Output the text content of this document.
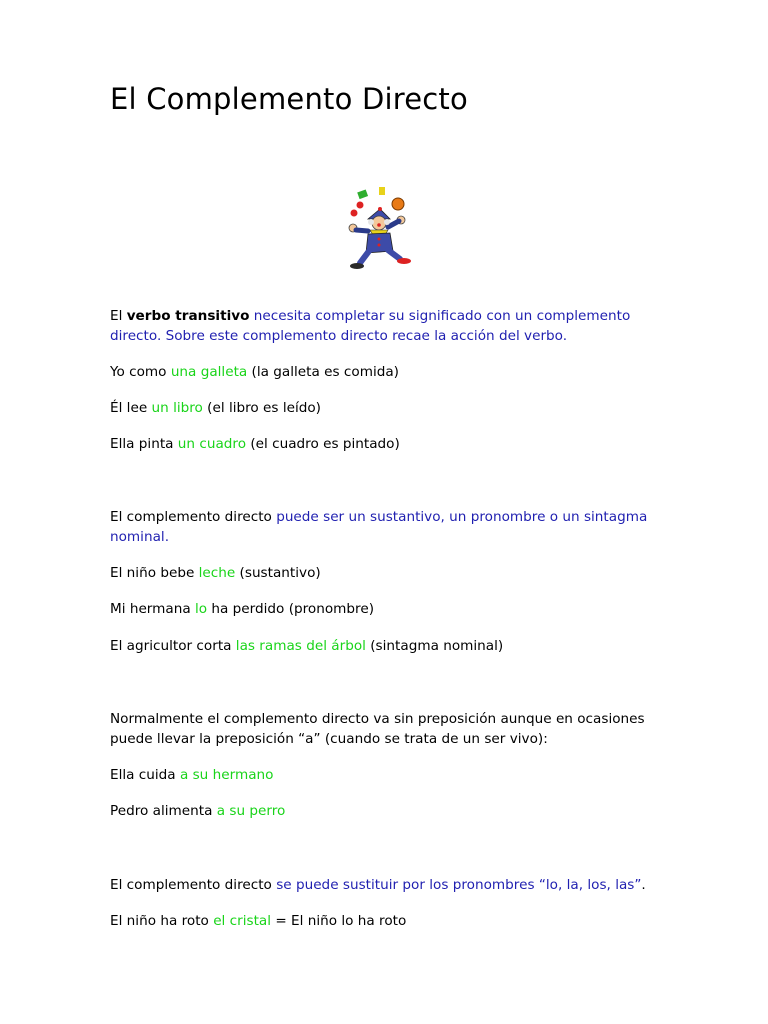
El Complemento Directo

El verbo transitivo necesita completar su significado con un complemento directo. Sobre este complemento directo recae la acción del verbo.

Yo como una galleta (la galleta es comida)

Él lee un libro (el libro es leído)

Ella pinta un cuadro (el cuadro es pintado)

El complemento directo puede ser un sustantivo, un pronombre o un sintagma nominal.

El niño bebe leche (sustantivo)

Mi hermana lo ha perdido (pronombre)

El agricultor corta las ramas del árbol (sintagma nominal)

Normalmente el complemento directo va sin preposición aunque en ocasiones puede llevar la preposición “a” (cuando se trata de un ser vivo):

Ella cuida a su hermano

Pedro alimenta a su perro

El complemento directo se puede sustituir por los pronombres “lo, la, los, las”.

El niño ha roto el cristal = El niño lo ha roto
